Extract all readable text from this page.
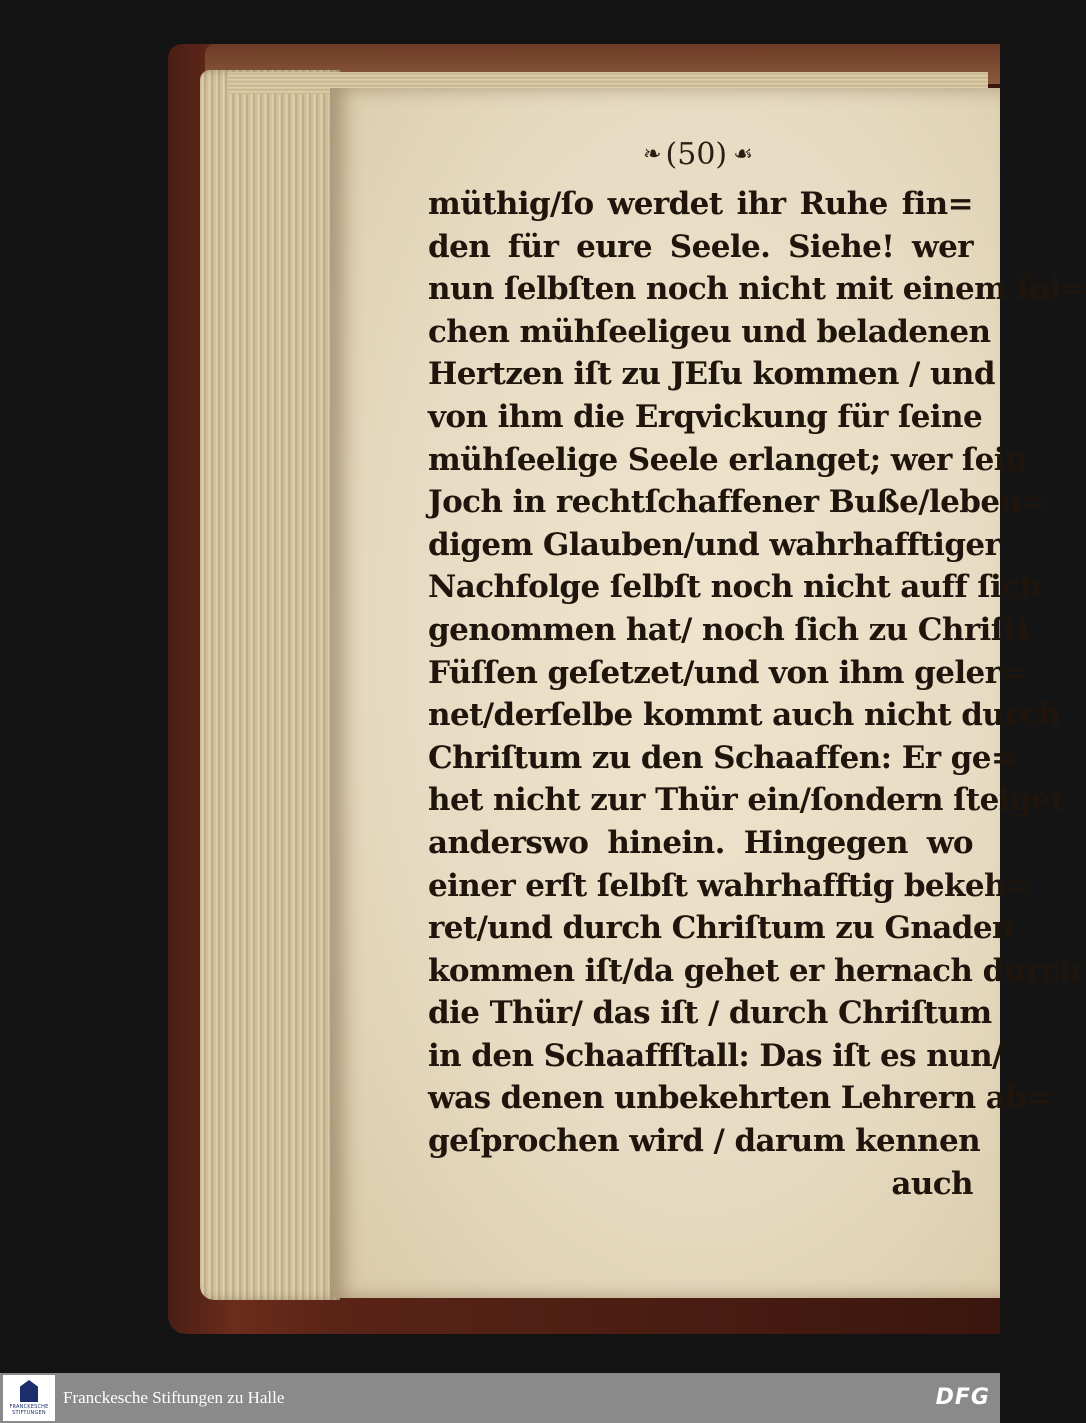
❧ (50) ☙
müthig/ſo werdet ihr Ruhe fin=
den für eure Seele. Siehe! wer
nun ſelbſten noch nicht mit einem ſol=
chen mühſeeligeu und beladenen
Hertzen iſt zu JEſu kommen / und
von ihm die Erqvickung für ſeine
mühſeelige Seele erlanget; wer ſein
Joch in rechtſchaffener Buße/leben=
digem Glauben/und wahrhafftiger
Nachfolge ſelbſt noch nicht auff ſich
genommen hat/ noch ſich zu Chriſti
Füſſen geſetzet/und von ihm geler=
net/derſelbe kommt auch nicht durch
Chriſtum zu den Schaaffen: Er ge=
het nicht zur Thür ein/ſondern ſteiget
anderswo hinein. Hingegen wo
einer erſt ſelbſt wahrhafftig bekeh=
ret/und durch Chriſtum zu Gnaden
kommen iſt/da gehet er hernach durch
die Thür/ das iſt / durch Chriſtum
in den Schaaffſtall: Das iſt es nun/
was denen unbekehrten Lehrern ab=
geſprochen wird / darum kennen
auch
FRANCKESCHE
STIFTUNGEN
Franckesche Stiftungen zu Halle	DFG
